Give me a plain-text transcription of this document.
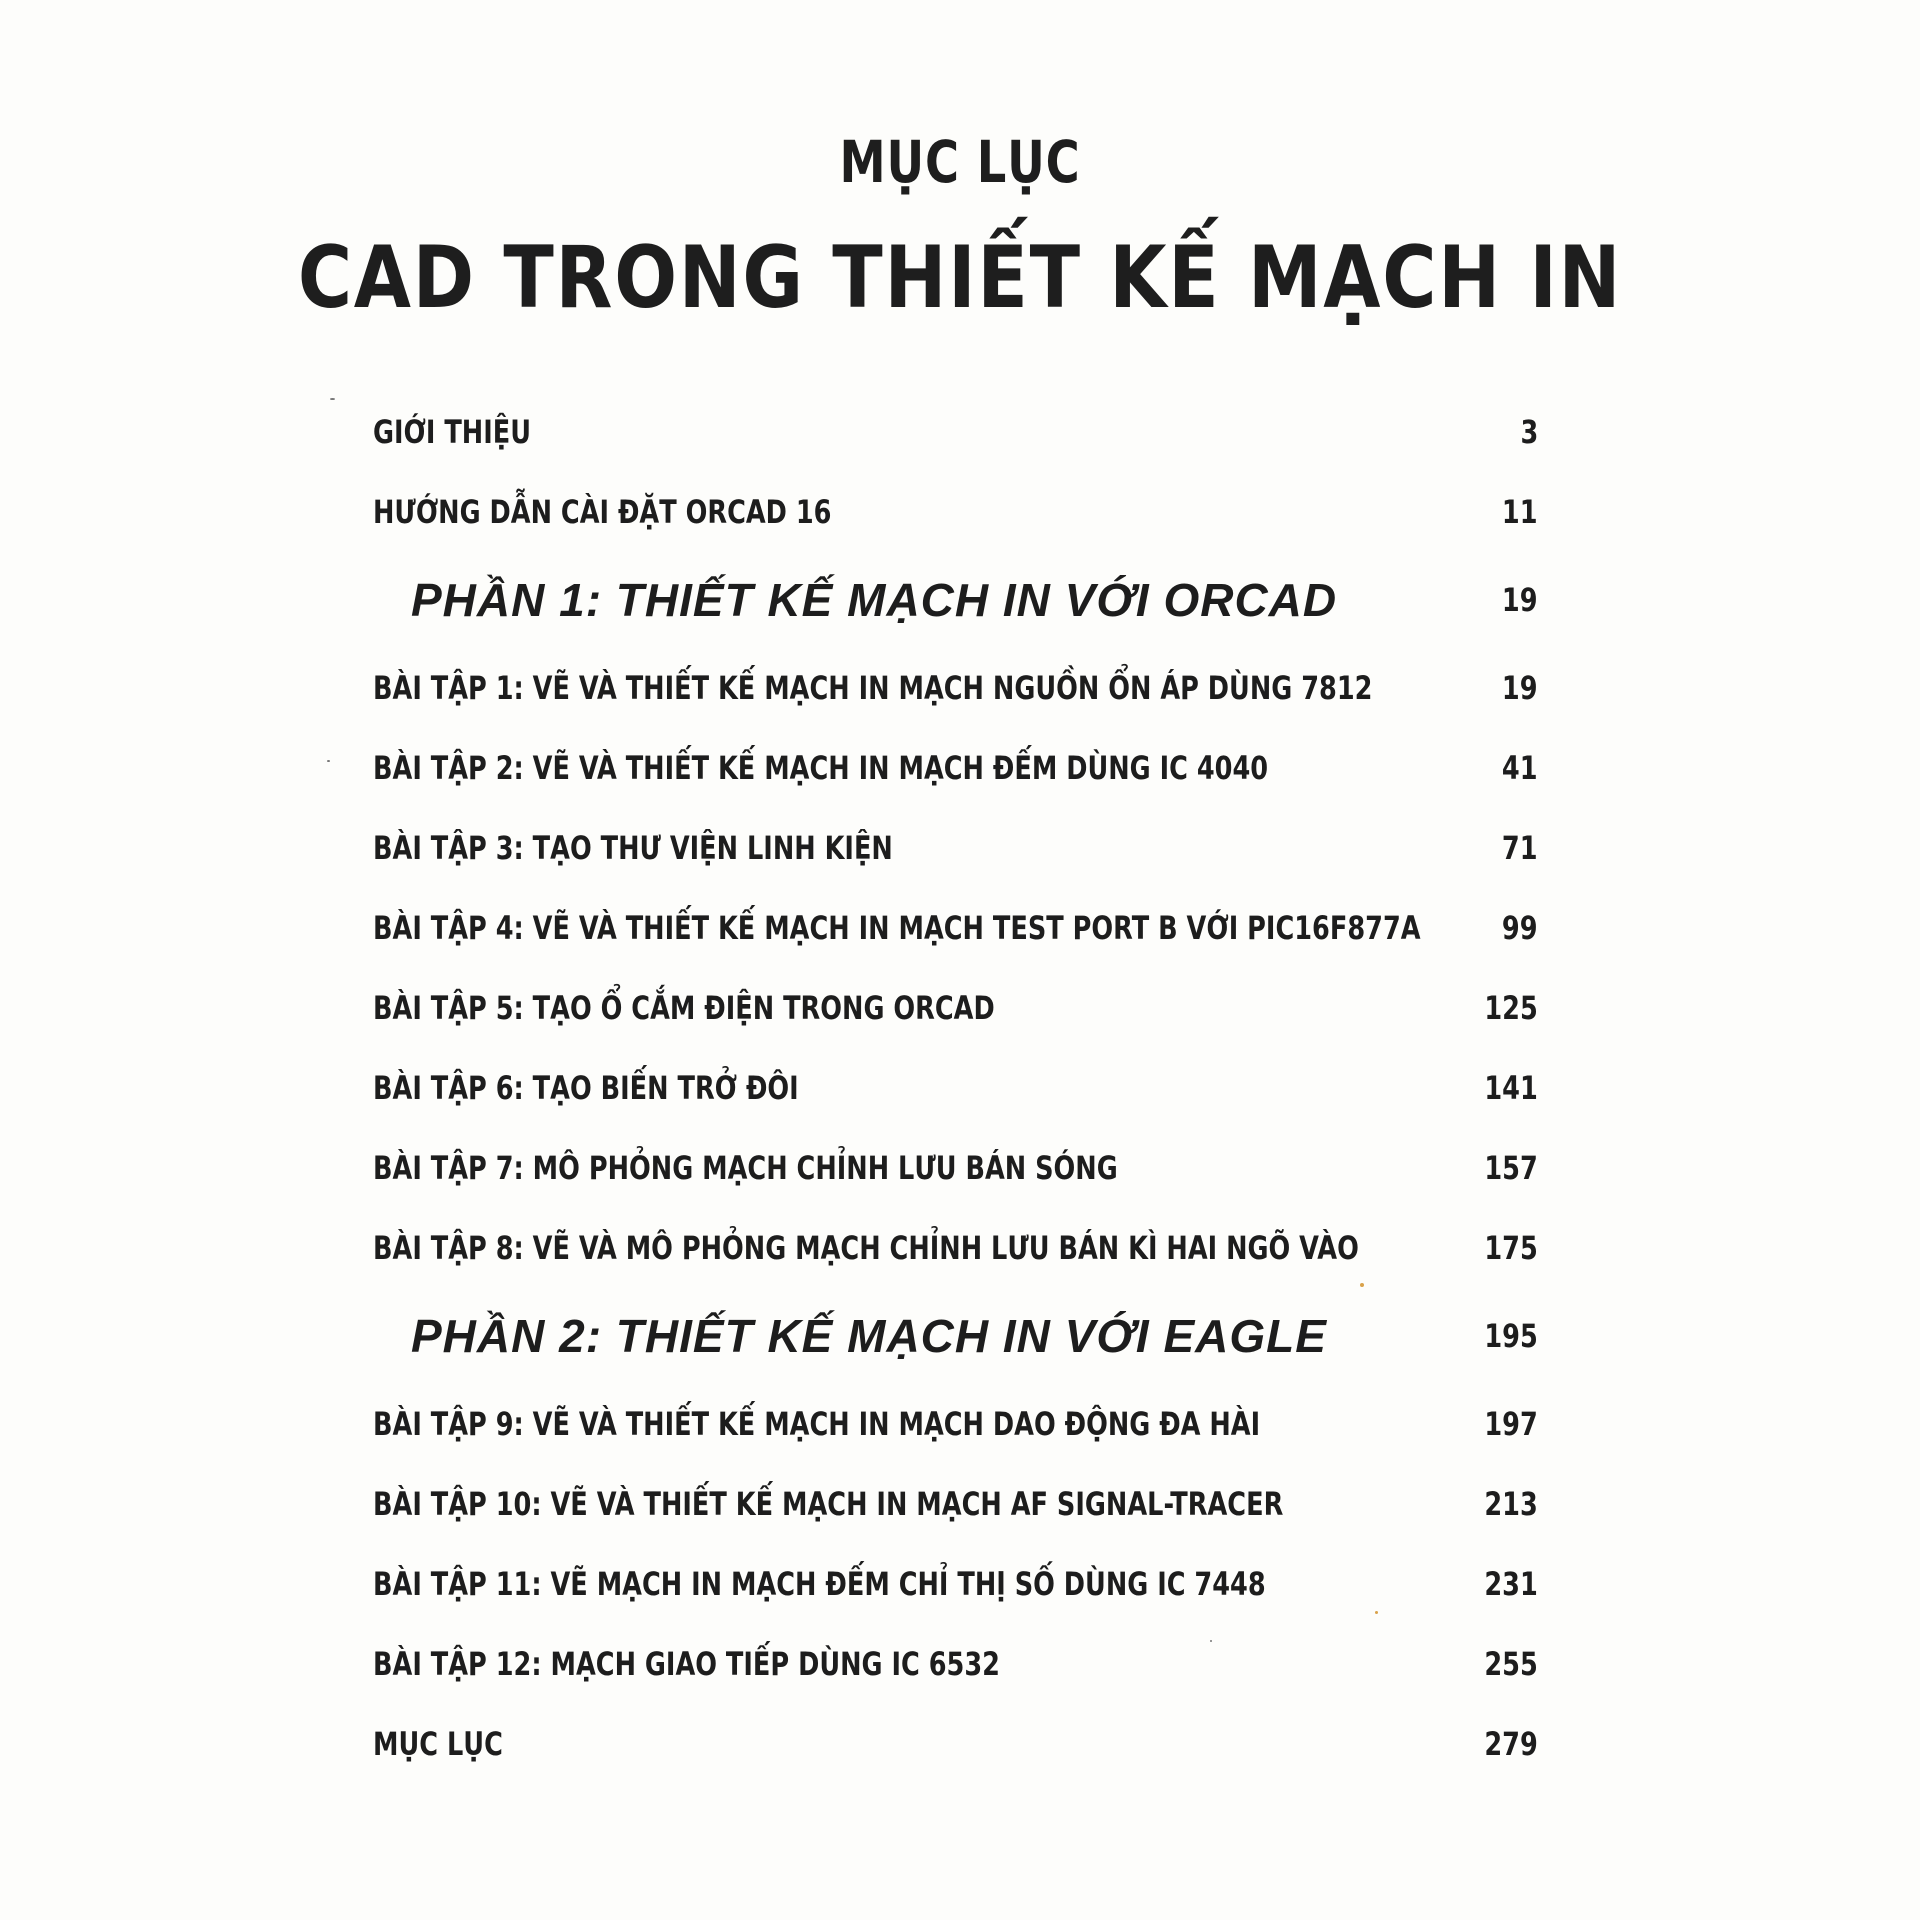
MỤC LỤC
CAD TRONG THIẾT KẾ MẠCH IN
GIỚI THIỆU	3
HƯỚNG DẪN CÀI ĐẶT ORCAD 16	11
PHẦN 1: THIẾT KẾ MẠCH IN VỚI ORCAD	19
BÀI TẬP 1: VẼ VÀ THIẾT KẾ MẠCH IN MẠCH NGUỒN ỔN ÁP DÙNG 7812	19
BÀI TẬP 2: VẼ VÀ THIẾT KẾ MẠCH IN MẠCH ĐẾM DÙNG IC 4040	41
BÀI TẬP 3: TẠO THƯ VIỆN LINH KIỆN	71
BÀI TẬP 4: VẼ VÀ THIẾT KẾ MẠCH IN MẠCH TEST PORT B VỚI PIC16F877A	99
BÀI TẬP 5: TẠO Ổ CẮM ĐIỆN TRONG ORCAD	125
BÀI TẬP 6: TẠO BIẾN TRỞ ĐÔI	141
BÀI TẬP 7: MÔ PHỎNG MẠCH CHỈNH LƯU BÁN SÓNG	157
BÀI TẬP 8: VẼ VÀ MÔ PHỎNG MẠCH CHỈNH LƯU BÁN KÌ HAI NGÕ VÀO	175
PHẦN 2: THIẾT KẾ MẠCH IN VỚI EAGLE	195
BÀI TẬP 9: VẼ VÀ THIẾT KẾ MẠCH IN MẠCH DAO ĐỘNG ĐA HÀI	197
BÀI TẬP 10: VẼ VÀ THIẾT KẾ MẠCH IN MẠCH AF SIGNAL-TRACER	213
BÀI TẬP 11: VẼ MẠCH IN MẠCH ĐẾM CHỈ THỊ SỐ DÙNG IC 7448	231
BÀI TẬP 12: MẠCH GIAO TIẾP DÙNG IC 6532	255
MỤC LỤC	279
